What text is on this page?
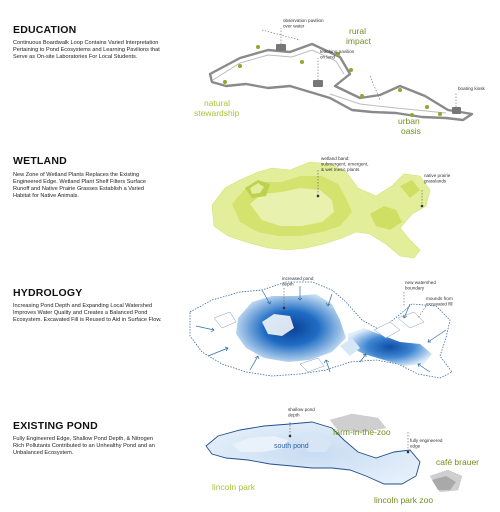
EDUCATION
Continuous Boardwalk Loop Contains Varied Interpretation Pertaining to Pond Ecosystems and Learning Pavilions that Serve as On-site Laboratories For Local Students.
WETLAND
New Zone of Wetland Plants Replaces the Existing Engineered Edge. Wetland Plant Shelf Filters Surface Runoff and Native Prairie Grasses Establish a Varied Habitat for Native Animals.
HYDROLOGY
Increasing Pond Depth and Expanding Local Watershed Improves Water Quality and Creates a Balanced Pond Ecosystem. Excavated Fill is Reused to Aid in Surface Flow.
EXISTING POND
Fully Engineered Edge, Shallow Pond Depth, & Nitrogen Rich Pollutants Contributed to an Unhealthy Pond and an Unbalanced Ecosystem.
observation pavilion over water
teaching pavilion on land
boating kiosk
rural impact
natural stewardship
urban oasis
wetland band: submergent, emergent, & wet mesic plants
native prairie grasslands
increased pond depth	new watershed boundary
mounds from excavated fill
shallow pond depth
fully engineered edge
south pond
farm-in-the-zoo
café brauer
lincoln park
lincoln park zoo
